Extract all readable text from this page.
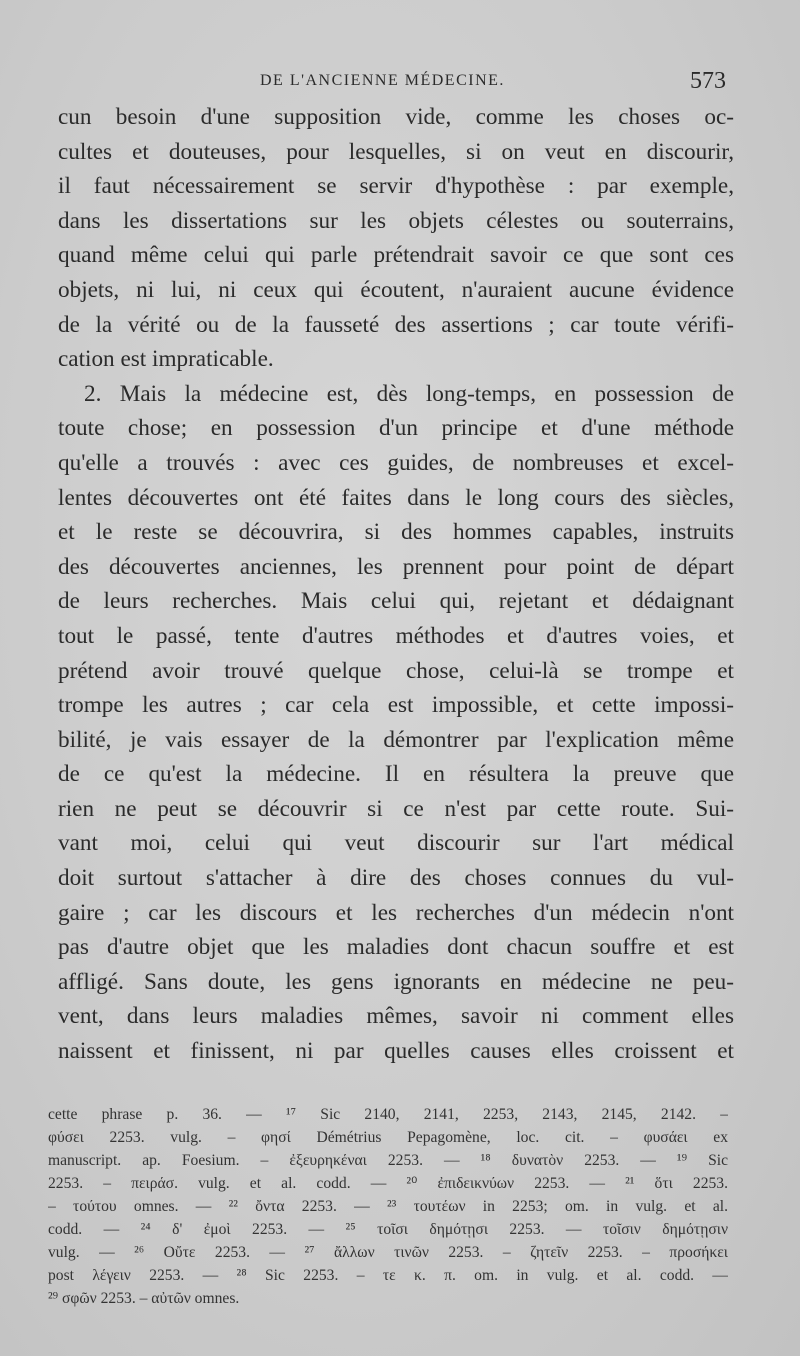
DE L'ANCIENNE MÉDECINE.	573
cun besoin d'une supposition vide, comme les choses oc-
cultes et douteuses, pour lesquelles, si on veut en discourir,
il faut nécessairement se servir d'hypothèse : par exemple,
dans les dissertations sur les objets célestes ou souterrains,
quand même celui qui parle prétendrait savoir ce que sont ces
objets, ni lui, ni ceux qui écoutent, n'auraient aucune évidence
de la vérité ou de la fausseté des assertions ; car toute vérifi-
cation est impraticable.
2. Mais la médecine est, dès long-temps, en possession de
toute chose; en possession d'un principe et d'une méthode
qu'elle a trouvés : avec ces guides, de nombreuses et excel-
lentes découvertes ont été faites dans le long cours des siècles,
et le reste se découvrira, si des hommes capables, instruits
des découvertes anciennes, les prennent pour point de départ
de leurs recherches. Mais celui qui, rejetant et dédaignant
tout le passé, tente d'autres méthodes et d'autres voies, et
prétend avoir trouvé quelque chose, celui-là se trompe et
trompe les autres ; car cela est impossible, et cette impossi-
bilité, je vais essayer de la démontrer par l'explication même
de ce qu'est la médecine. Il en résultera la preuve que
rien ne peut se découvrir si ce n'est par cette route. Sui-
vant moi, celui qui veut discourir sur l'art médical
doit surtout s'attacher à dire des choses connues du vul-
gaire ; car les discours et les recherches d'un médecin n'ont
pas d'autre objet que les maladies dont chacun souffre et est
affligé. Sans doute, les gens ignorants en médecine ne peu-
vent, dans leurs maladies mêmes, savoir ni comment elles
naissent et finissent, ni par quelles causes elles croissent et
cette phrase p. 36. — ¹⁷ Sic 2140, 2141, 2253, 2143, 2145, 2142. –
φύσει 2253. vulg. – φησί Démétrius Pepagomène, loc. cit. – φυσάει ex
manuscript. ap. Foesium. – ἐξευρηκέναι 2253. — ¹⁸ δυνατὸν 2253. — ¹⁹ Sic
2253. – πειράσ. vulg. et al. codd. — ²⁰ ἐπιδεικνύων 2253. — ²¹ ὅτι 2253.
– τούτου omnes. — ²² ὄντα 2253. — ²³ τουτέων in 2253; om. in vulg. et al.
codd. — ²⁴ δ' ἐμοὶ 2253. — ²⁵ τοῖσι δημότῃσι 2253. — τοῖσιν δημότῃσιν
vulg. — ²⁶ Οὔτε 2253. — ²⁷ ἄλλων τινῶν 2253. – ζητεῖν 2253. – προσήκει
post λέγειν 2253. — ²⁸ Sic 2253. – τε κ. π. om. in vulg. et al. codd. —
²⁹ σφῶν 2253. – αὐτῶν omnes.
